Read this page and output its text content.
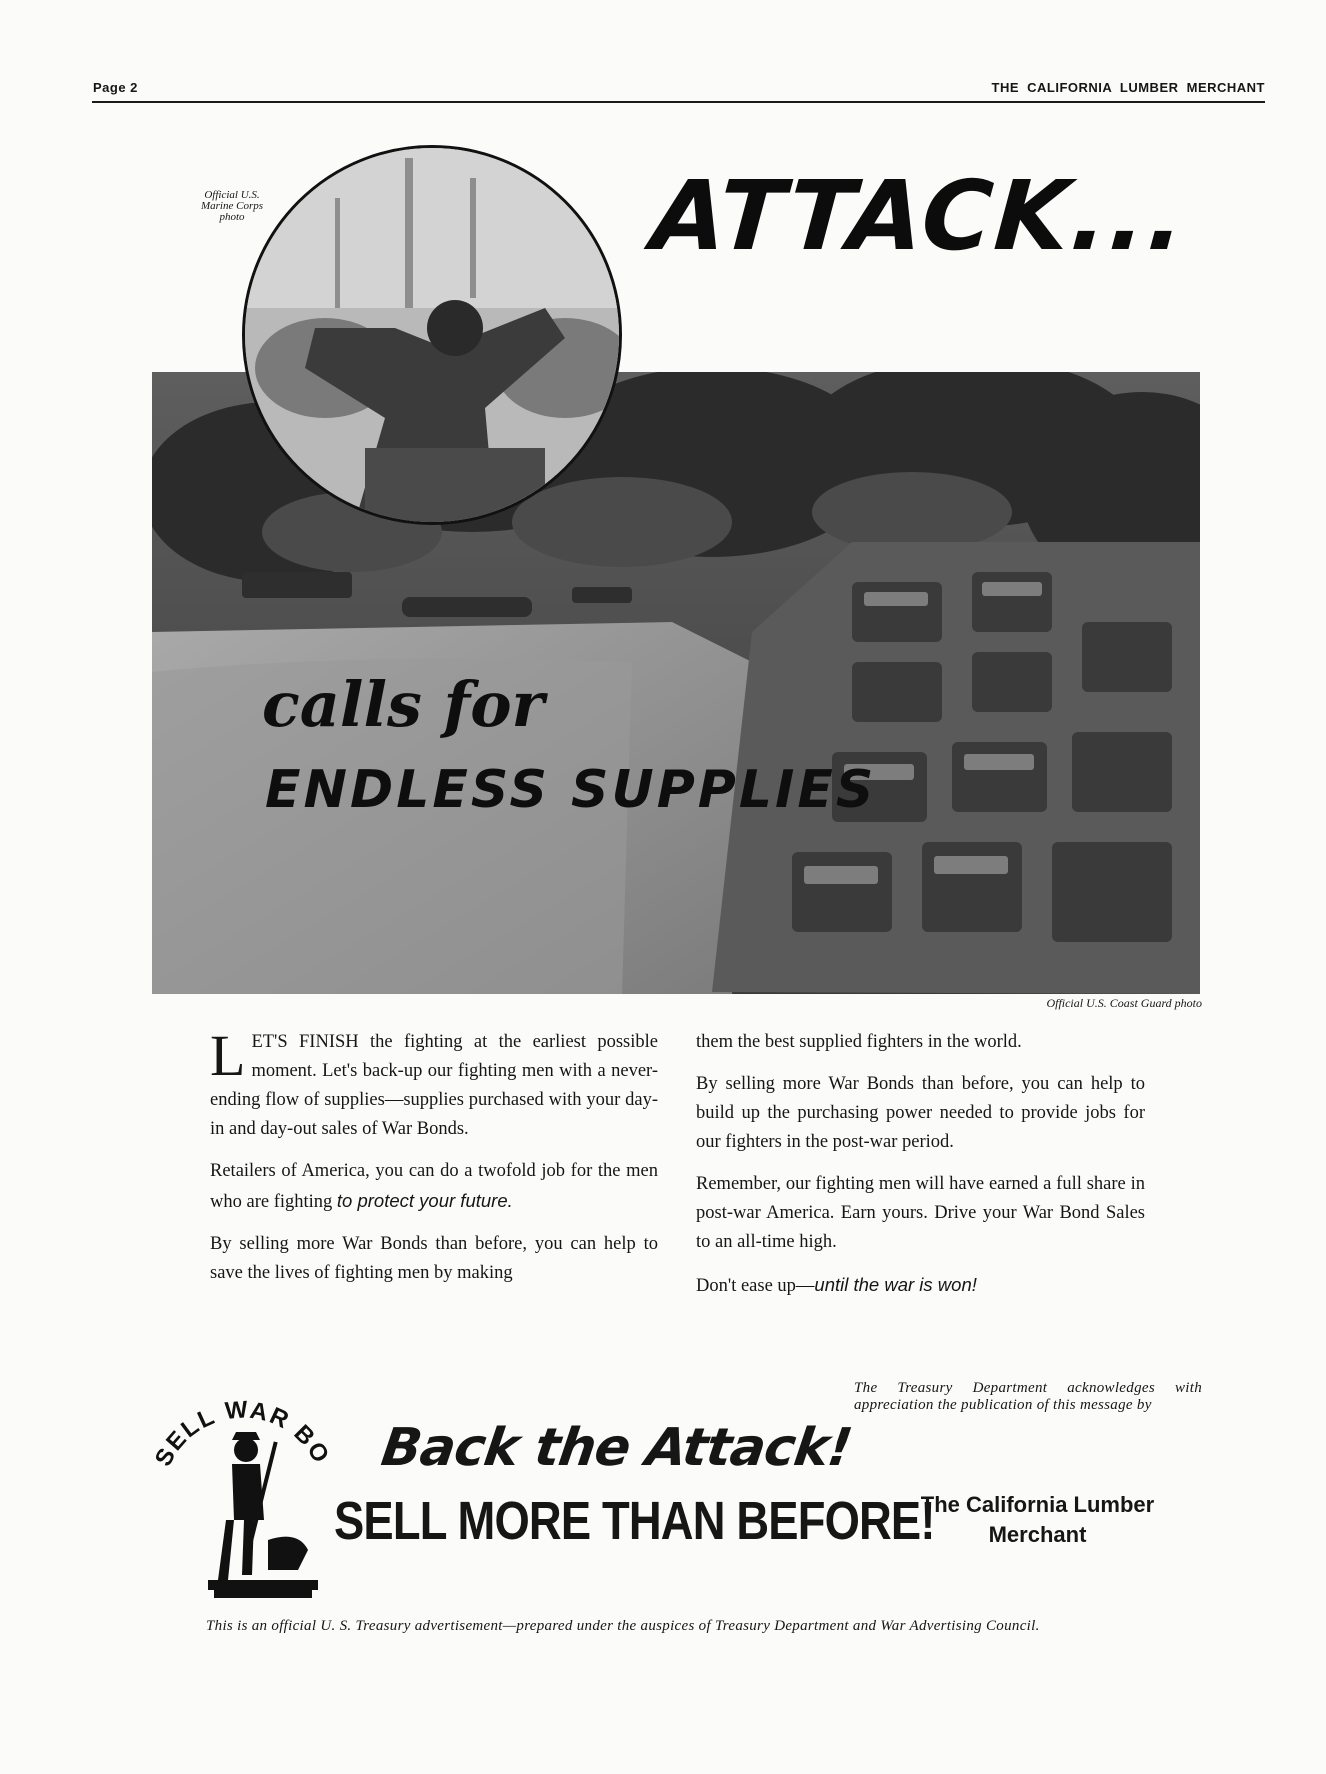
Page 2	THE CALIFORNIA LUMBER MERCHANT
Official U.S. Marine Corps photo	ATTACK...
calls for
ENDLESS SUPPLIES
Official U.S. Coast Guard photo

LET'S FINISH the fighting at the earliest possible moment. Let's back-up our fighting men with a never-ending flow of supplies—supplies purchased with your day-in and day-out sales of War Bonds.

Retailers of America, you can do a twofold job for the men who are fighting to protect your future.

By selling more War Bonds than before, you can help to save the lives of fighting men by making

them the best supplied fighters in the world.

By selling more War Bonds than before, you can help to build up the purchasing power needed to provide jobs for our fighters in the post-war period.

Remember, our fighting men will have earned a full share in post-war America. Earn yours. Drive your War Bond Sales to an all-time high.

Don't ease up—until the war is won!

SELL WAR BO Back the Attack!
SELL MORE THAN BEFORE!
The Treasury Department acknowledges with appreciation the publication of this message by
The California Lumber
Merchant
This is an official U. S. Treasury advertisement—prepared under the auspices of Treasury Department and War Advertising Council.
